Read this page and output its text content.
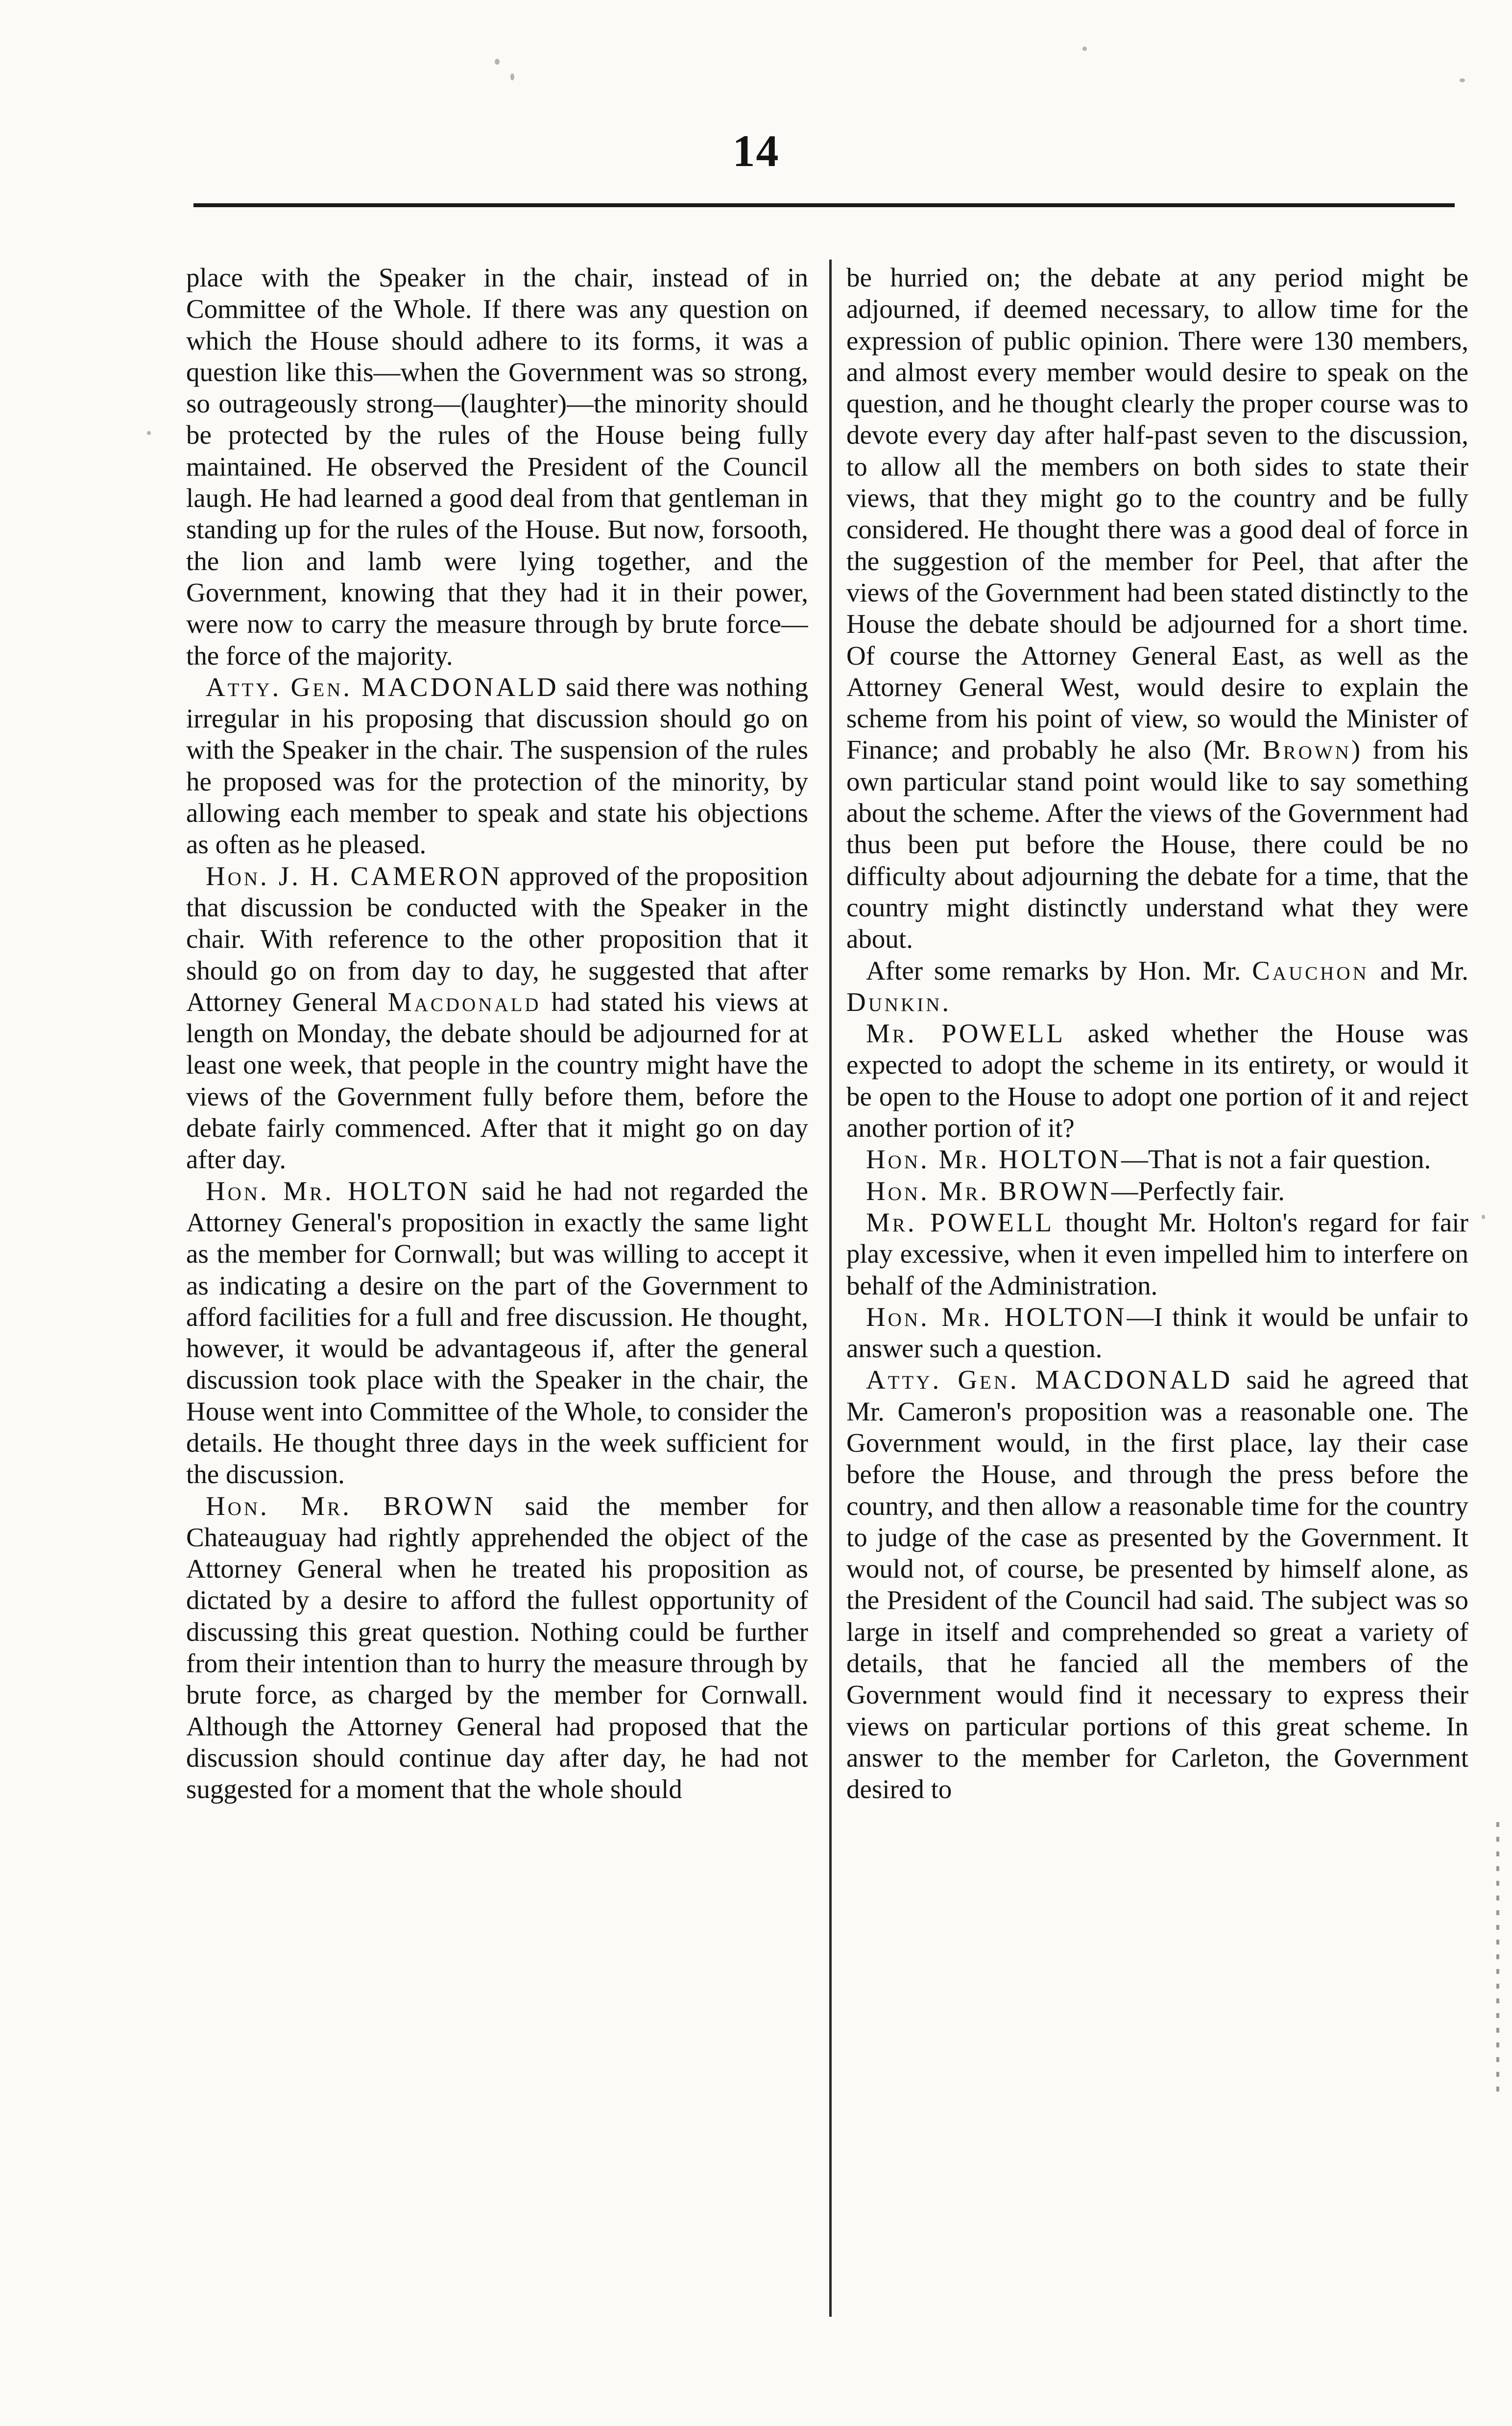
14

place with the Speaker in the chair, instead of in Committee of the Whole. If there was any question on which the House should adhere to its forms, it was a question like this—when the Government was so strong, so outrageously strong—(laughter)—the minority should be protected by the rules of the House being fully maintained. He observed the President of the Council laugh. He had learned a good deal from that gentleman in standing up for the rules of the House. But now, forsooth, the lion and lamb were lying together, and the Government, knowing that they had it in their power, were now to carry the measure through by brute force—the force of the majority.

Atty. Gen. MACDONALD said there was nothing irregular in his proposing that discussion should go on with the Speaker in the chair. The suspension of the rules he proposed was for the protection of the minority, by allowing each member to speak and state his objections as often as he pleased.

Hon. J. H. CAMERON approved of the proposition that discussion be conducted with the Speaker in the chair. With reference to the other proposition that it should go on from day to day, he suggested that after Attorney General Macdonald had stated his views at length on Monday, the debate should be adjourned for at least one week, that people in the country might have the views of the Government fully before them, before the debate fairly commenced. After that it might go on day after day.

Hon. Mr. HOLTON said he had not regarded the Attorney General's proposition in exactly the same light as the member for Cornwall; but was willing to accept it as indicating a desire on the part of the Government to afford facilities for a full and free discussion. He thought, however, it would be advantageous if, after the general discussion took place with the Speaker in the chair, the House went into Committee of the Whole, to consider the details. He thought three days in the week sufficient for the discussion.

Hon. Mr. BROWN said the member for Chateauguay had rightly apprehended the object of the Attorney General when he treated his proposition as dictated by a desire to afford the fullest opportunity of discussing this great question. Nothing could be further from their intention than to hurry the measure through by brute force, as charged by the member for Cornwall. Although the Attorney General had proposed that the discussion should continue day after day, he had not suggested for a moment that the whole should

be hurried on; the debate at any period might be adjourned, if deemed necessary, to allow time for the expression of public opinion. There were 130 members, and almost every member would desire to speak on the question, and he thought clearly the proper course was to devote every day after half-past seven to the discussion, to allow all the members on both sides to state their views, that they might go to the country and be fully considered. He thought there was a good deal of force in the suggestion of the member for Peel, that after the views of the Government had been stated distinctly to the House the debate should be adjourned for a short time. Of course the Attorney General East, as well as the Attorney General West, would desire to explain the scheme from his point of view, so would the Minister of Finance; and probably he also (Mr. Brown) from his own particular stand point would like to say something about the scheme. After the views of the Government had thus been put before the House, there could be no difficulty about adjourning the debate for a time, that the country might distinctly understand what they were about.

After some remarks by Hon. Mr. Cauchon and Mr. Dunkin.

Mr. POWELL asked whether the House was expected to adopt the scheme in its entirety, or would it be open to the House to adopt one portion of it and reject another portion of it?

Hon. Mr. HOLTON—That is not a fair question.

Hon. Mr. BROWN—Perfectly fair.

Mr. POWELL thought Mr. Holton's regard for fair play excessive, when it even impelled him to interfere on behalf of the Administration.

Hon. Mr. HOLTON—I think it would be unfair to answer such a question.

Atty. Gen. MACDONALD said he agreed that Mr. Cameron's proposition was a reasonable one. The Government would, in the first place, lay their case before the House, and through the press before the country, and then allow a reasonable time for the country to judge of the case as presented by the Government. It would not, of course, be presented by himself alone, as the President of the Council had said. The subject was so large in itself and comprehended so great a variety of details, that he fancied all the members of the Government would find it necessary to express their views on particular portions of this great scheme. In answer to the member for Carleton, the Government desired to
